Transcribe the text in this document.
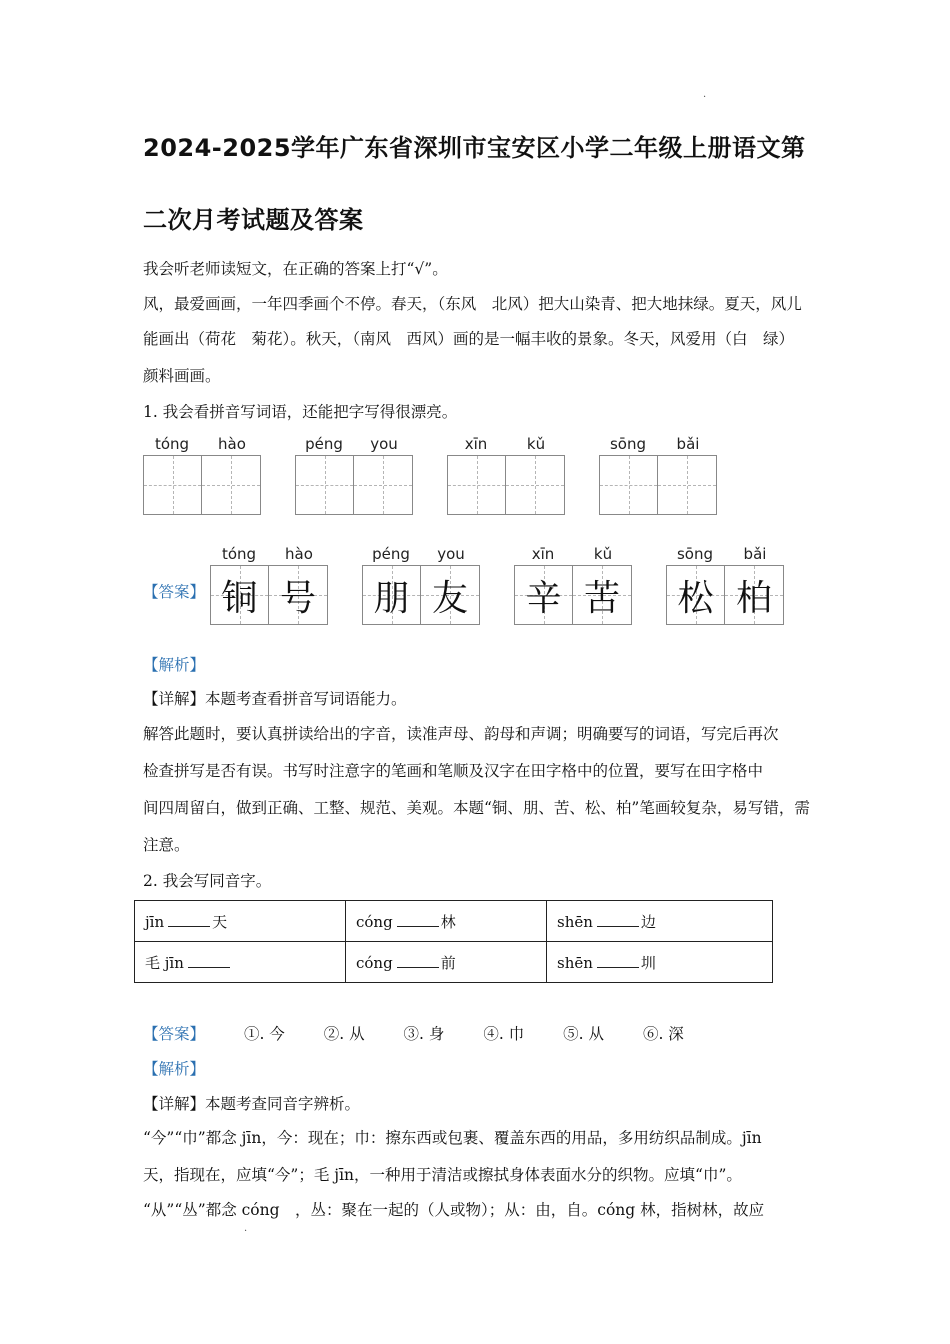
·
2024-2025学年广东省深圳市宝安区小学二年级上册语文第
二次月考试题及答案
我会听老师读短文，在正确的答案上打“√”。
风，最爱画画，一年四季画个不停。春天，（东风　北风）把大山染青、把大地抹绿。夏天，风儿
能画出（荷花　菊花）。秋天，（南风　西风）画的是一幅丰收的景象。冬天，风爱用（白　绿）
颜料画画。
1. 我会看拼音写词语，还能把字写得很漂亮。
tóng	hào	péng	you	xīn	kǔ	sōng	bǎi
【答案】
tóng	hào
铜 号
péng	you
朋 友
xīn	kǔ
辛 苦
sōng	bǎi
松 柏
【解析】
【详解】本题考查看拼音写词语能力。
解答此题时，要认真拼读给出的字音，读准声母、韵母和声调；明确要写的词语，写完后再次
检查拼写是否有误。书写时注意字的笔画和笔顺及汉字在田字格中的位置，要写在田字格中
间四周留白，做到正确、工整、规范、美观。本题“铜、朋、苦、松、柏”笔画较复杂，易写错，需
注意。
2. 我会写同音字。
jīn 天	cóng 林	shēn 边
毛 jīn	cóng 前	shēn 圳
【答案】	①. 今	②. 从	③. 身	④. 巾	⑤. 从	⑥. 深
【解析】
【详解】本题考查同音字辨析。
“今”“巾”都念 jīn，今：现在；巾：擦东西或包裹、覆盖东西的用品，多用纺织品制成。jīn
天，指现在，应填“今”；毛 jīn，一种用于清洁或擦拭身体表面水分的织物。应填“巾”。
“从”“丛”都念 cóng　，丛：聚在一起的（人或物）；从：由，自。cóng 林，指树林，故应
·
